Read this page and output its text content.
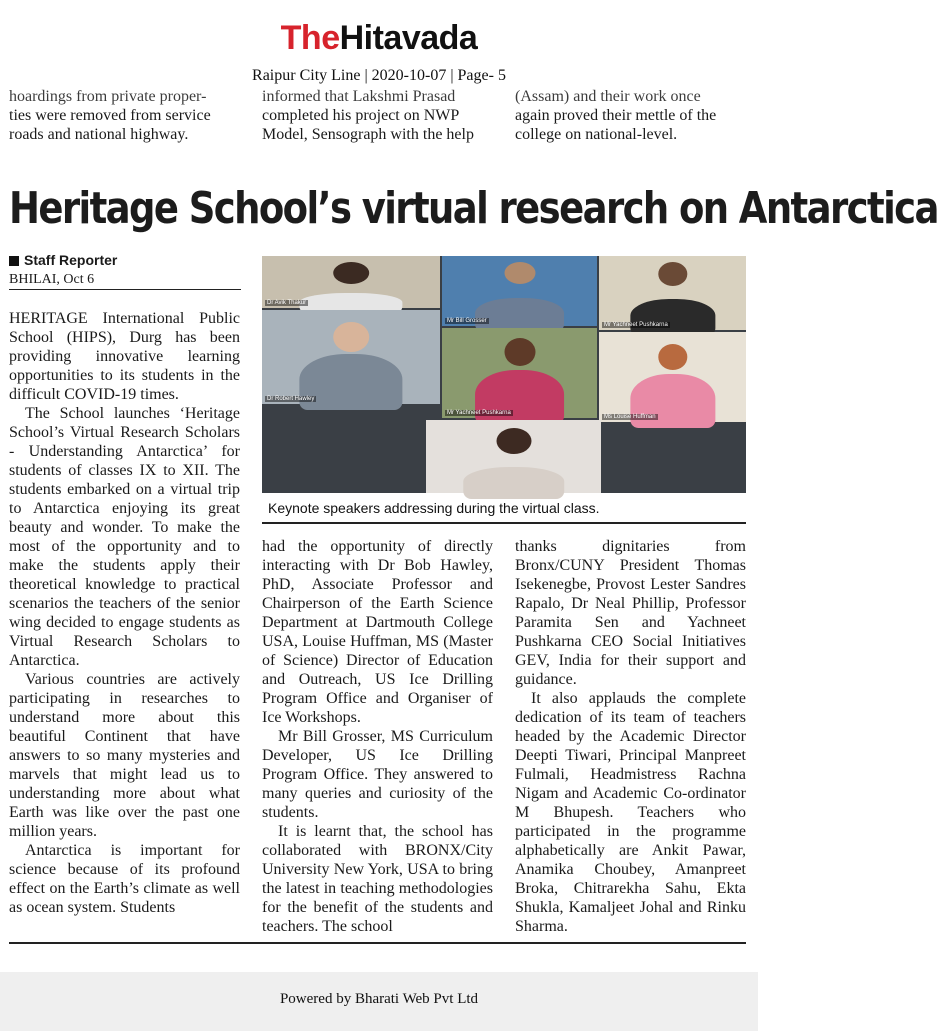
TheHitavada
Raipur City Line | 2020-10-07 | Page- 5
hoardings from private proper-
ties were removed from service
roads and national highway.
informed that Lakshmi Prasad
completed his project on NWP
Model, Sensograph with the help
(Assam) and their work once
again proved their mettle of the
college on national-level.
Heritage School’s virtual research on Antarctica
Staff Reporter
BHILAI, Oct 6
Dr Avik Thakur
Mr Bill Grosser
Mr Yachneet Pushkarna
Dr Robert Hawley
Mr Yachneet Pushkarna
Ms Louise Huffman
Keynote speakers addressing during the virtual class.

HERITAGE International Public School (HIPS), Durg has been providing innovative learning opportunities to its students in the difficult COVID-19 times.

The School launches ‘Heritage School’s Virtual Research Scholars - Understanding Antarctica’ for students of classes IX to XII. The students embarked on a virtual trip to Antarctica enjoying its great beauty and wonder. To make the most of the opportunity and to make the students apply their theoretical knowledge to practical scenarios the teachers of the senior wing decided to engage students as Virtual Research Scholars to Antarctica.

Various countries are actively participating in researches to understand more about this beautiful Continent that have answers to so many mysteries and marvels that might lead us to understanding more about what Earth was like over the past one million years.

Antarctica is important for science because of its profound effect on the Earth’s climate as well as ocean system. Students

had the opportunity of directly interacting with Dr Bob Hawley, PhD, Associate Professor and Chairperson of the Earth Science Department at Dartmouth College USA, Louise Huffman, MS (Master of Science) Director of Education and Outreach, US Ice Drilling Program Office and Organiser of Ice Workshops.

Mr Bill Grosser, MS Curriculum Developer, US Ice Drilling Program Office. They answered to many queries and curiosity of the students.

It is learnt that, the school has collaborated with BRONX/City University New York, USA to bring the latest in teaching methodologies for the benefit of the students and teachers. The school

thanks dignitaries from Bronx/CUNY President Thomas Isekenegbe, Provost Lester Sandres Rapalo, Dr Neal Phillip, Professor Paramita Sen and Yachneet Pushkarna CEO Social Initiatives GEV, India for their support and guidance.

It also applauds the complete dedication of its team of teachers headed by the Academic Director Deepti Tiwari, Principal Manpreet Fulmali, Headmistress Rachna Nigam and Academic Co-ordinator M Bhupesh. Teachers who participated in the programme alphabetically are Ankit Pawar, Anamika Choubey, Amanpreet Broka, Chitrarekha Sahu, Ekta Shukla, Kamaljeet Johal and Rinku Sharma.

Powered by Bharati Web Pvt Ltd
